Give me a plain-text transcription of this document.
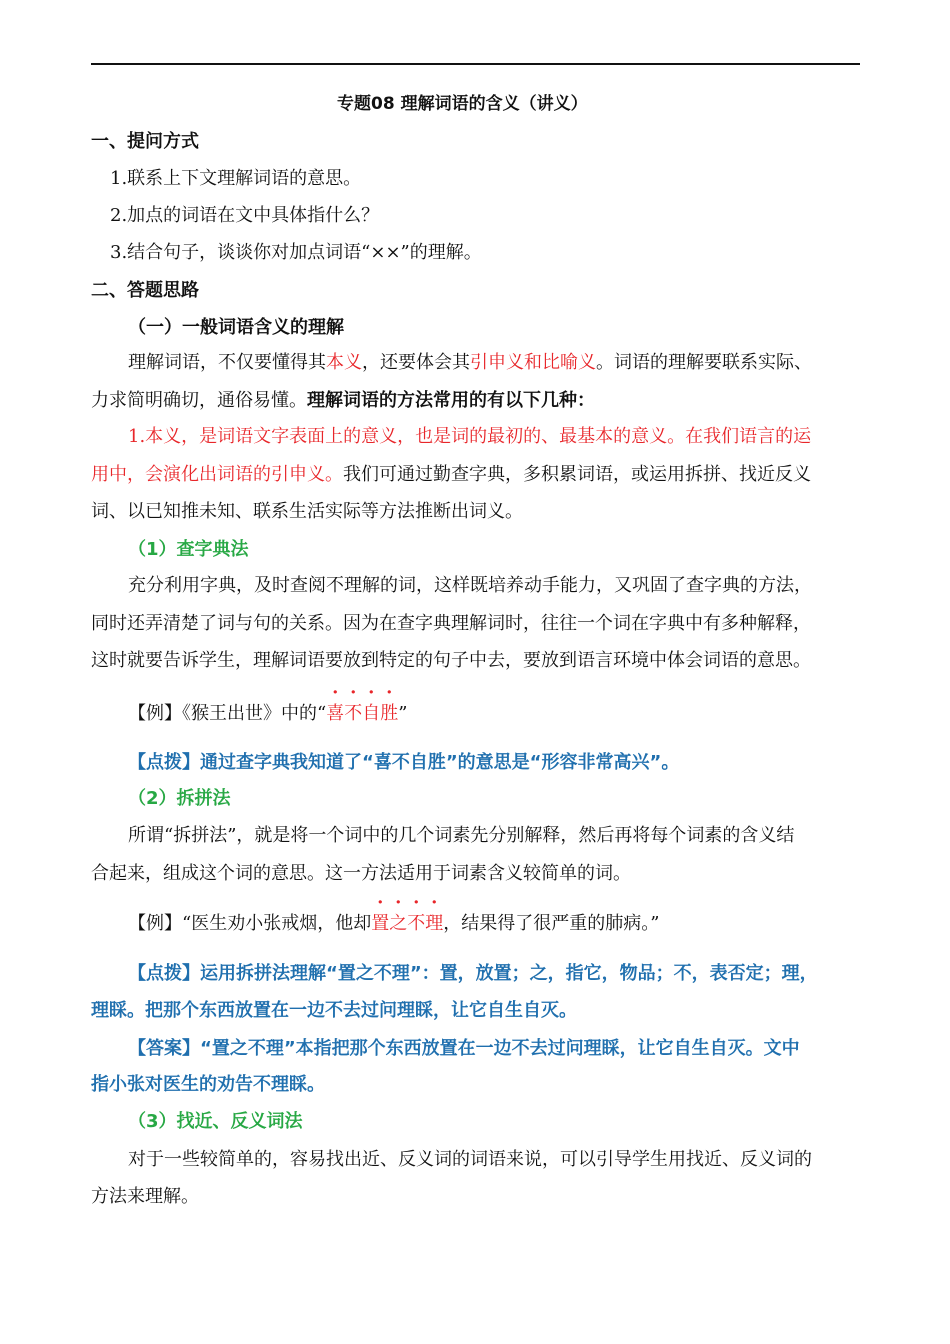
专题08 理解词语的含义（讲义）
一、提问方式
1.联系上下文理解词语的意思。
2.加点的词语在文中具体指什么？
3.结合句子，谈谈你对加点词语“××”的理解。
二、答题思路
（一）一般词语含义的理解
理解词语，不仅要懂得其本义，还要体会其引申义和比喻义。词语的理解要联系实际、
力求简明确切，通俗易懂。理解词语的方法常用的有以下几种：
1.本义，是词语文字表面上的意义，也是词的最初的、最基本的意义。在我们语言的运
用中，会演化出词语的引申义。我们可通过勤查字典，多积累词语，或运用拆拼、找近反义
词、以已知推未知、联系生活实际等方法推断出词义。
（1）查字典法
充分利用字典，及时查阅不理解的词，这样既培养动手能力，又巩固了查字典的方法，
同时还弄清楚了词与句的关系。因为在查字典理解词时，往往一个词在字典中有多种解释，
这时就要告诉学生，理解词语要放到特定的句子中去，要放到语言环境中体会词语的意思。
【例】《猴王出世》中的“喜不自胜”
【点拨】通过查字典我知道了“喜不自胜”的意思是“形容非常高兴”。
（2）拆拼法
所谓“拆拼法”，就是将一个词中的几个词素先分别解释，然后再将每个词素的含义结
合起来，组成这个词的意思。这一方法适用于词素含义较简单的词。
【例】“医生劝小张戒烟，他却置之不理，结果得了很严重的肺病。”
【点拨】运用拆拼法理解“置之不理”：置，放置；之，指它，物品；不，表否定；理，
理睬。把那个东西放置在一边不去过问理睬，让它自生自灭。
【答案】“置之不理”本指把那个东西放置在一边不去过问理睬，让它自生自灭。文中
指小张对医生的劝告不理睬。
（3）找近、反义词法
对于一些较简单的，容易找出近、反义词的词语来说，可以引导学生用找近、反义词的
方法来理解。
